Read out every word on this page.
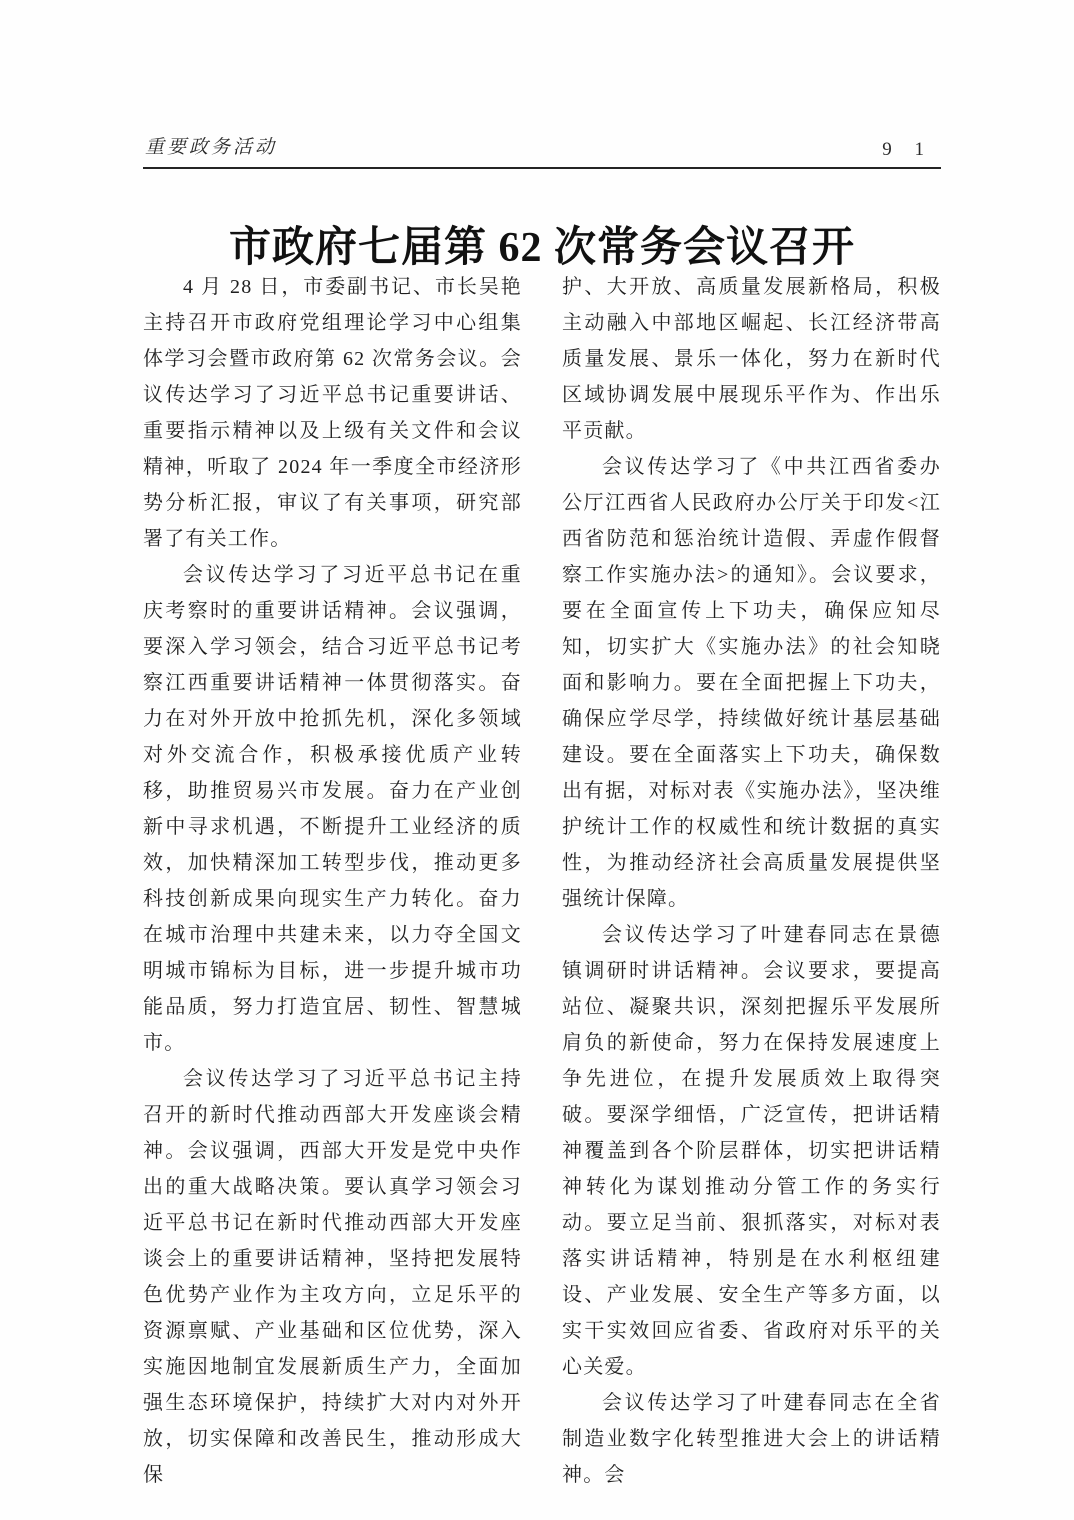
重要政务活动	9 1
市政府七届第 62 次常务会议召开

4 月 28 日，市委副书记、市长吴艳主持召开市政府党组理论学习中心组集体学习会暨市政府第 62 次常务会议。会议传达学习了习近平总书记重要讲话、重要指示精神以及上级有关文件和会议精神，听取了 2024 年一季度全市经济形势分析汇报，审议了有关事项，研究部署了有关工作。

会议传达学习了习近平总书记在重庆考察时的重要讲话精神。会议强调，要深入学习领会，结合习近平总书记考察江西重要讲话精神一体贯彻落实。奋力在对外开放中抢抓先机，深化多领域对外交流合作，积极承接优质产业转移，助推贸易兴市发展。奋力在产业创新中寻求机遇，不断提升工业经济的质效，加快精深加工转型步伐，推动更多科技创新成果向现实生产力转化。奋力在城市治理中共建未来，以力夺全国文明城市锦标为目标，进一步提升城市功能品质，努力打造宜居、韧性、智慧城市。

会议传达学习了习近平总书记主持召开的新时代推动西部大开发座谈会精神。会议强调，西部大开发是党中央作出的重大战略决策。要认真学习领会习近平总书记在新时代推动西部大开发座谈会上的重要讲话精神，坚持把发展特色优势产业作为主攻方向，立足乐平的资源禀赋、产业基础和区位优势，深入实施因地制宜发展新质生产力，全面加强生态环境保护，持续扩大对内对外开放，切实保障和改善民生，推动形成大保

护、大开放、高质量发展新格局，积极主动融入中部地区崛起、长江经济带高质量发展、景乐一体化，努力在新时代区域协调发展中展现乐平作为、作出乐平贡献。

会议传达学习了《中共江西省委办公厅江西省人民政府办公厅关于印发<江西省防范和惩治统计造假、弄虚作假督察工作实施办法>的通知》。会议要求，要在全面宣传上下功夫，确保应知尽知，切实扩大《实施办法》的社会知晓面和影响力。要在全面把握上下功夫，确保应学尽学，持续做好统计基层基础建设。要在全面落实上下功夫，确保数出有据，对标对表《实施办法》，坚决维护统计工作的权威性和统计数据的真实性，为推动经济社会高质量发展提供坚强统计保障。

会议传达学习了叶建春同志在景德镇调研时讲话精神。会议要求，要提高站位、凝聚共识，深刻把握乐平发展所肩负的新使命，努力在保持发展速度上争先进位，在提升发展质效上取得突破。要深学细悟，广泛宣传，把讲话精神覆盖到各个阶层群体，切实把讲话精神转化为谋划推动分管工作的务实行动。要立足当前、狠抓落实，对标对表落实讲话精神，特别是在水利枢纽建设、产业发展、安全生产等多方面，以实干实效回应省委、省政府对乐平的关心关爱。

会议传达学习了叶建春同志在全省制造业数字化转型推进大会上的讲话精神。会
